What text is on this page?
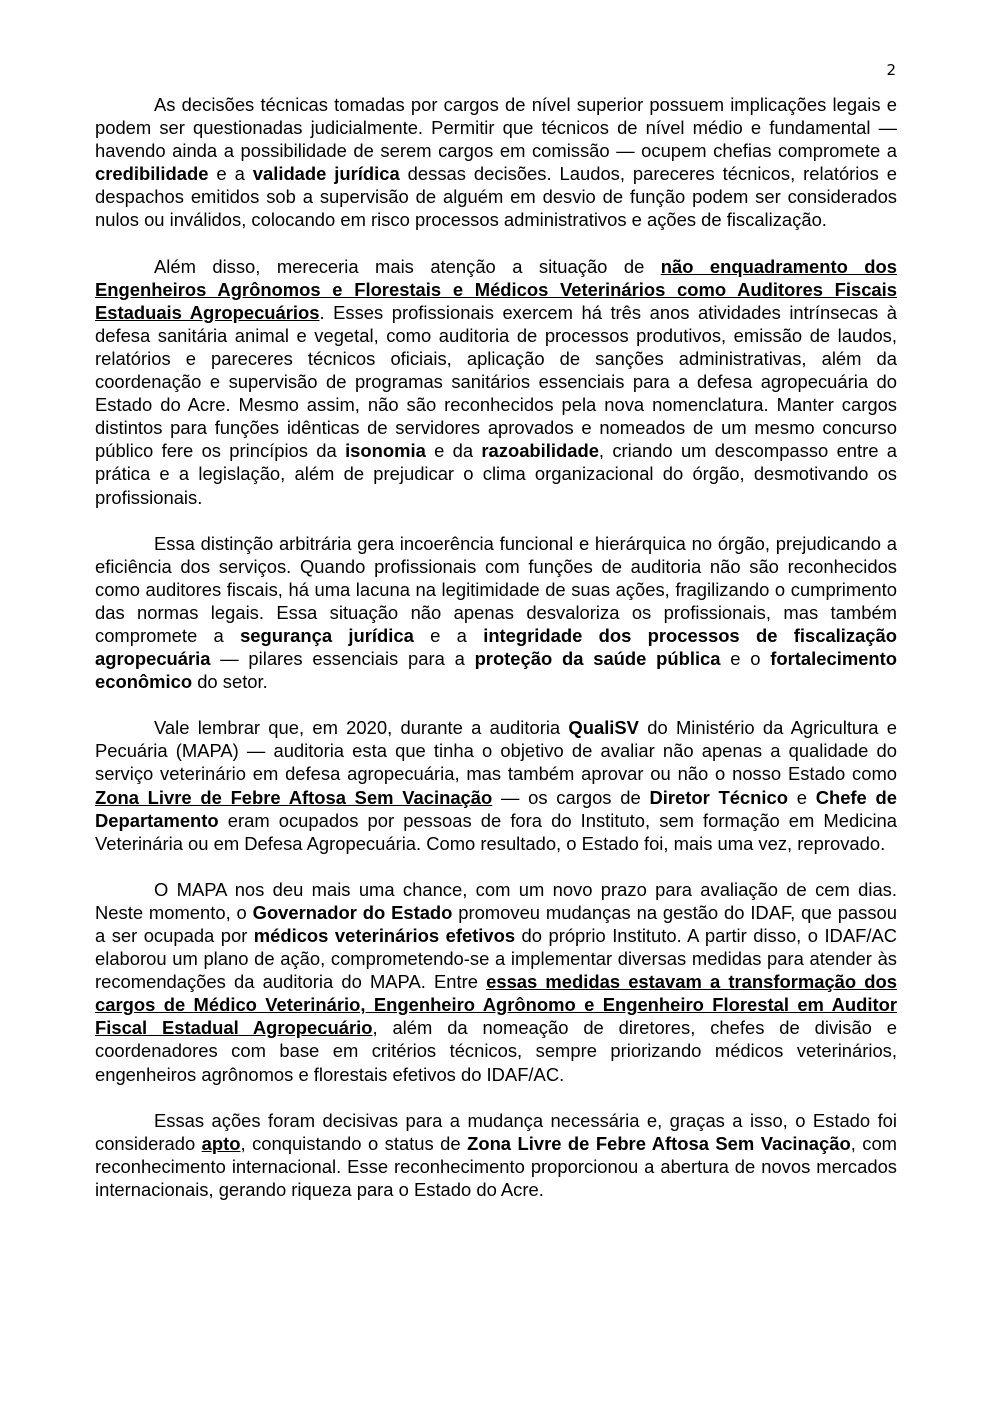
2

As decisões técnicas tomadas por cargos de nível superior possuem implicações legais e podem ser questionadas judicialmente. Permitir que técnicos de nível médio e fundamental — havendo ainda a possibilidade de serem cargos em comissão — ocupem chefias compromete a credibilidade e a validade jurídica dessas decisões. Laudos, pareceres técnicos, relatórios e despachos emitidos sob a supervisão de alguém em desvio de função podem ser considerados nulos ou inválidos, colocando em risco processos administrativos e ações de fiscalização.

Além disso, mereceria mais atenção a situação de não enquadramento dos Engenheiros Agrônomos e Florestais e Médicos Veterinários como Auditores Fiscais Estaduais Agropecuários. Esses profissionais exercem há três anos atividades intrínsecas à defesa sanitária animal e vegetal, como auditoria de processos produtivos, emissão de laudos, relatórios e pareceres técnicos oficiais, aplicação de sanções administrativas, além da coordenação e supervisão de programas sanitários essenciais para a defesa agropecuária do Estado do Acre. Mesmo assim, não são reconhecidos pela nova nomenclatura. Manter cargos distintos para funções idênticas de servidores aprovados e nomeados de um mesmo concurso público fere os princípios da isonomia e da razoabilidade, criando um descompasso entre a prática e a legislação, além de prejudicar o clima organizacional do órgão, desmotivando os profissionais.

Essa distinção arbitrária gera incoerência funcional e hierárquica no órgão, prejudicando a eficiência dos serviços. Quando profissionais com funções de auditoria não são reconhecidos como auditores fiscais, há uma lacuna na legitimidade de suas ações, fragilizando o cumprimento das normas legais. Essa situação não apenas desvaloriza os profissionais, mas também compromete a segurança jurídica e a integridade dos processos de fiscalização agropecuária — pilares essenciais para a proteção da saúde pública e o fortalecimento econômico do setor.

Vale lembrar que, em 2020, durante a auditoria QualiSV do Ministério da Agricultura e Pecuária (MAPA) — auditoria esta que tinha o objetivo de avaliar não apenas a qualidade do serviço veterinário em defesa agropecuária, mas também aprovar ou não o nosso Estado como Zona Livre de Febre Aftosa Sem Vacinação — os cargos de Diretor Técnico e Chefe de Departamento eram ocupados por pessoas de fora do Instituto, sem formação em Medicina Veterinária ou em Defesa Agropecuária. Como resultado, o Estado foi, mais uma vez, reprovado.

O MAPA nos deu mais uma chance, com um novo prazo para avaliação de cem dias. Neste momento, o Governador do Estado promoveu mudanças na gestão do IDAF, que passou a ser ocupada por médicos veterinários efetivos do próprio Instituto. A partir disso, o IDAF/AC elaborou um plano de ação, comprometendo-se a implementar diversas medidas para atender às recomendações da auditoria do MAPA. Entre essas medidas estavam a transformação dos cargos de Médico Veterinário, Engenheiro Agrônomo e Engenheiro Florestal em Auditor Fiscal Estadual Agropecuário, além da nomeação de diretores, chefes de divisão e coordenadores com base em critérios técnicos, sempre priorizando médicos veterinários, engenheiros agrônomos e florestais efetivos do IDAF/AC.

Essas ações foram decisivas para a mudança necessária e, graças a isso, o Estado foi considerado apto, conquistando o status de Zona Livre de Febre Aftosa Sem Vacinação, com reconhecimento internacional. Esse reconhecimento proporcionou a abertura de novos mercados internacionais, gerando riqueza para o Estado do Acre.
